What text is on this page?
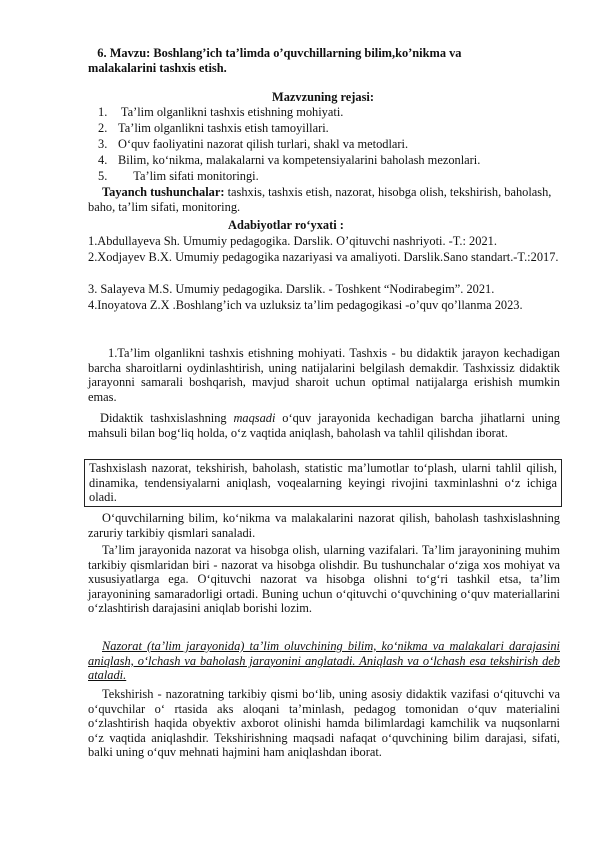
6. Mavzu: Boshlang’ich ta’limda o’quvchillarning bilim,ko’nikma va
malakalarini tashxis etish.
Mazvzuning rejasi:
1. Ta’lim olganlikni tashxis etishning mohiyati.
2. Ta’lim olganlikni tashxis etish tamoyillari.
3. O‘quv faoliyatini nazorat qilish turlari, shakl va metodlari.
4. Bilim, ko‘nikma, malakalarni va kompetensiyalarini baholash mezonlari.
5.     Ta’lim sifati monitoringi.
Tayanch tushunchalar: tashxis, tashxis etish, nazorat, hisobga olish, tekshirish, baholash, baho, ta’lim sifati, monitoring.
Adabiyotlar ro‘yxati :
1.Abdullayeva Sh. Umumiy pedagogika. Darslik. O’qituvchi nashriyoti. -T.: 2021.
2.Xodjayev B.X. Umumiy pedagogika nazariyasi va amaliyoti. Darslik.Sano standart.-T.:2017.
3. Salayeva M.S. Umumiy pedagogika. Darslik. - Toshkent “Nodirabegim”. 2021.
4.Inoyatova Z.X .Boshlang’ich va uzluksiz ta’lim pedagogikasi -o’quv qo’llanma 2023.
1.Ta’lim olganlikni tashxis etishning mohiyati. Tashxis - bu didaktik jarayon kechadigan barcha sharoitlarni oydinlashtirish, uning natijalarini belgilash demakdir. Tashxissiz didaktik jarayonni samarali boshqarish, mavjud sharoit uchun optimal natijalarga erishish mumkin emas.
Didaktik tashxislashning maqsadi o‘quv jarayonida kechadigan barcha jihatlarni uning mahsuli bilan bog‘liq holda, o‘z vaqtida aniqlash, baholash va tahlil qilishdan iborat.
Tashxislash nazorat, tekshirish, baholash, statistic ma’lumotlar to‘plash, ularni tahlil qilish, dinamika, tendensiyalarni aniqlash, voqealarning keyingi rivojini taxminlashni o‘z ichiga oladi.
O‘quvchilarning bilim, ko‘nikma va malakalarini nazorat qilish, baholash tashxislashning zaruriy tarkibiy qismlari sanaladi.
Ta’lim jarayonida nazorat va hisobga olish, ularning vazifalari. Ta’lim jarayonining muhim tarkibiy qismlaridan biri - nazorat va hisobga olishdir. Bu tushunchalar o‘ziga xos mohiyat va xususiyatlarga ega. O‘qituvchi nazorat va hisobga olishni to‘g‘ri tashkil etsa, ta’lim jarayonining samaradorligi ortadi. Buning uchun o‘qituvchi o‘quvchining o‘quv materiallarini o‘zlashtirish darajasini aniqlab borishi lozim.
Nazorat (ta’lim jarayonida) ta’lim oluvchining bilim, ko‘nikma va malakalari darajasini aniqlash, o‘lchash va baholash jarayonini anglatadi. Aniqlash va o‘lchash esa tekshirish deb ataladi.
Tekshirish - nazoratning tarkibiy qismi bo‘lib, uning asosiy didaktik vazifasi o‘qituvchi va o‘quvchilar o‘ rtasida aks aloqani ta’minlash, pedagog tomonidan o‘quv materialini o‘zlashtirish haqida obyektiv axborot olinishi hamda bilimlardagi kamchilik va nuqsonlarni o‘z vaqtida aniqlashdir. Tekshirishning maqsadi nafaqat o‘quvchining bilim darajasi, sifati, balki uning o‘quv mehnati hajmini ham aniqlashdan iborat.
